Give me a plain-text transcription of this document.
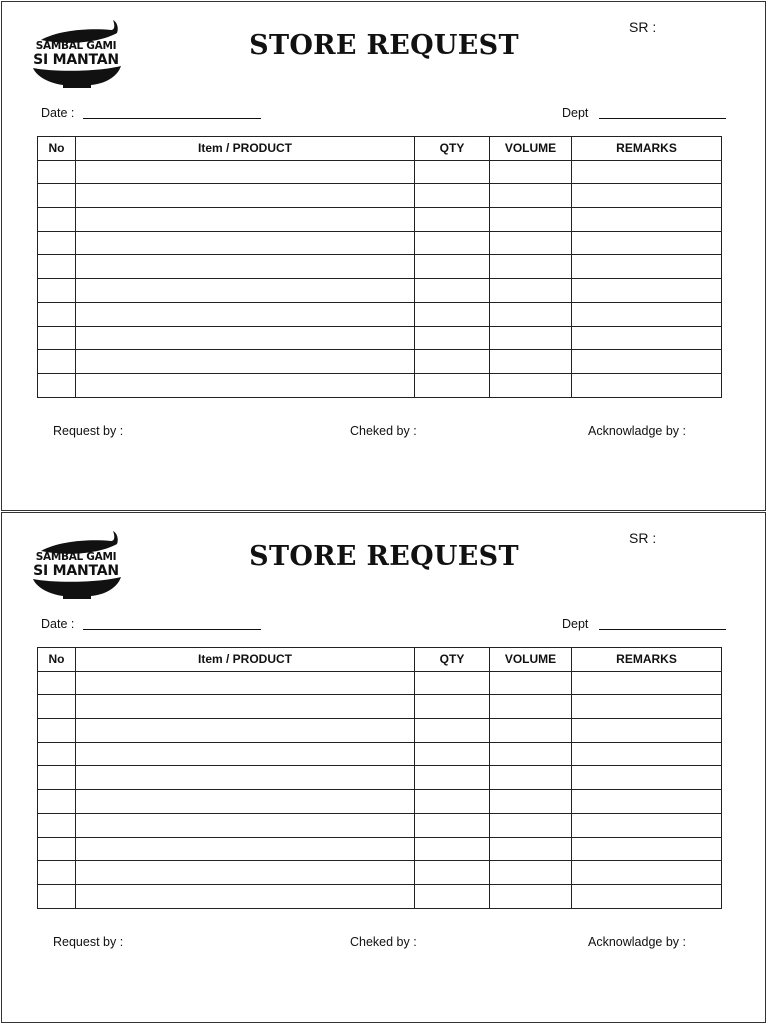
SAMBAL GAMI
SI MANTAN	STORE REQUEST
SR :
Date :	Dept
No	Item / PRODUCT	QTY	VOLUME	REMARKS

Request by :	Cheked by :	Acknowladge by :
SAMBAL GAMI
SI MANTAN	STORE REQUEST
SR :
Date :	Dept
No	Item / PRODUCT	QTY	VOLUME	REMARKS

Request by :	Cheked by :	Acknowladge by :
